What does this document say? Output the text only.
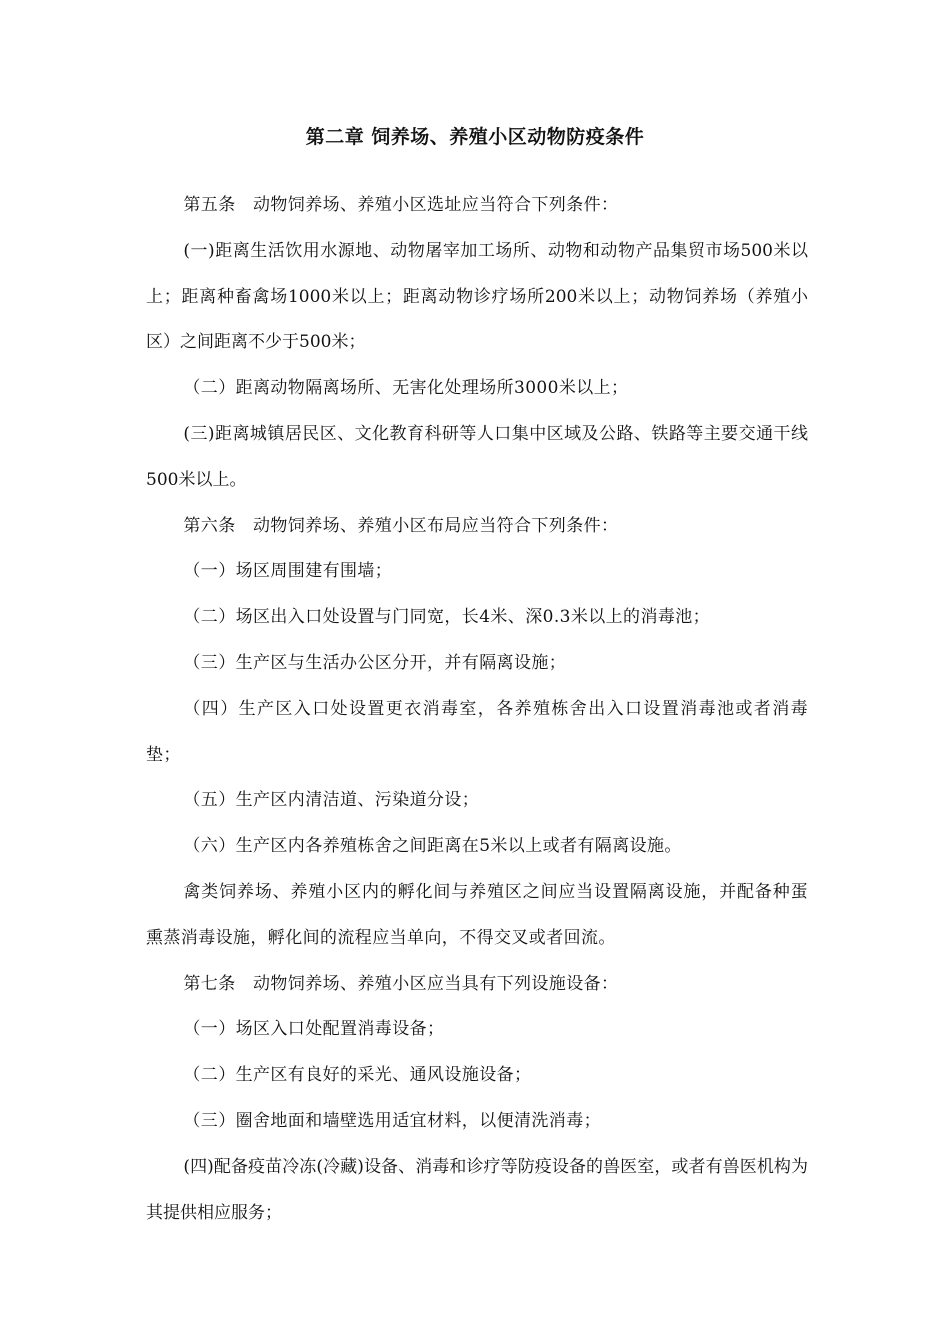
第二章 饲养场、养殖小区动物防疫条件

第五条　动物饲养场、养殖小区选址应当符合下列条件：

(一)距离生活饮用水源地、动物屠宰加工场所、动物和动物产品集贸市场500米以上；距离种畜禽场1000米以上；距离动物诊疗场所200米以上；动物饲养场（养殖小区）之间距离不少于500米；

（二）距离动物隔离场所、无害化处理场所3000米以上；

(三)距离城镇居民区、文化教育科研等人口集中区域及公路、铁路等主要交通干线500米以上。

第六条　动物饲养场、养殖小区布局应当符合下列条件：

（一）场区周围建有围墙；

（二）场区出入口处设置与门同宽，长4米、深0.3米以上的消毒池；

（三）生产区与生活办公区分开，并有隔离设施；

（四）生产区入口处设置更衣消毒室，各养殖栋舍出入口设置消毒池或者消毒垫；

（五）生产区内清洁道、污染道分设；

（六）生产区内各养殖栋舍之间距离在5米以上或者有隔离设施。

禽类饲养场、养殖小区内的孵化间与养殖区之间应当设置隔离设施，并配备种蛋熏蒸消毒设施，孵化间的流程应当单向，不得交叉或者回流。

第七条　动物饲养场、养殖小区应当具有下列设施设备：

（一）场区入口处配置消毒设备；

（二）生产区有良好的采光、通风设施设备；

（三）圈舍地面和墙壁选用适宜材料，以便清洗消毒；

(四)配备疫苗冷冻(冷藏)设备、消毒和诊疗等防疫设备的兽医室，或者有兽医机构为其提供相应服务；
